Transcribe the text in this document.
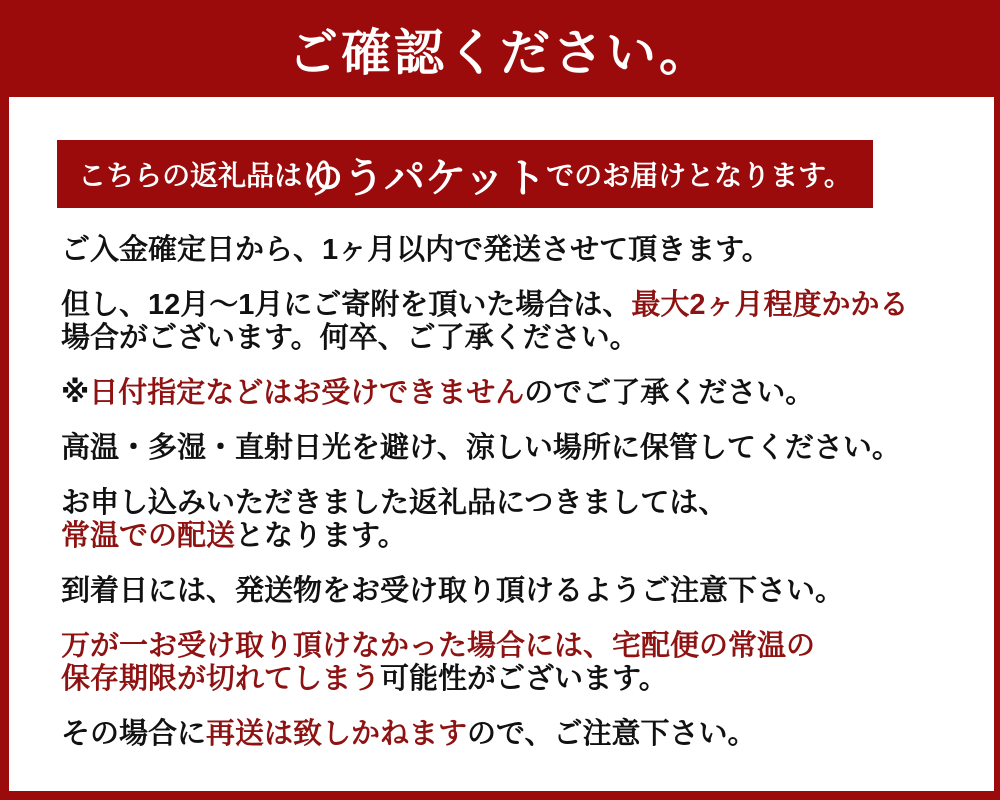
ご確認ください。
こちらの返礼品は ゆうパケット でのお届けとなります。

ご入金確定日から、1ヶ月以内で発送させて頂きます。

但し、12月〜1月にご寄附を頂いた場合は、最大2ヶ月程度かかる
場合がございます。何卒、ご了承ください。

※日付指定などはお受けできませんのでご了承ください。

高温・多湿・直射日光を避け、涼しい場所に保管してください。

お申し込みいただきました返礼品につきましては、
常温での配送となります。

到着日には、発送物をお受け取り頂けるようご注意下さい。

万が一お受け取り頂けなかった場合には、宅配便の常温の
保存期限が切れてしまう可能性がございます。

その場合に再送は致しかねますので、ご注意下さい。
